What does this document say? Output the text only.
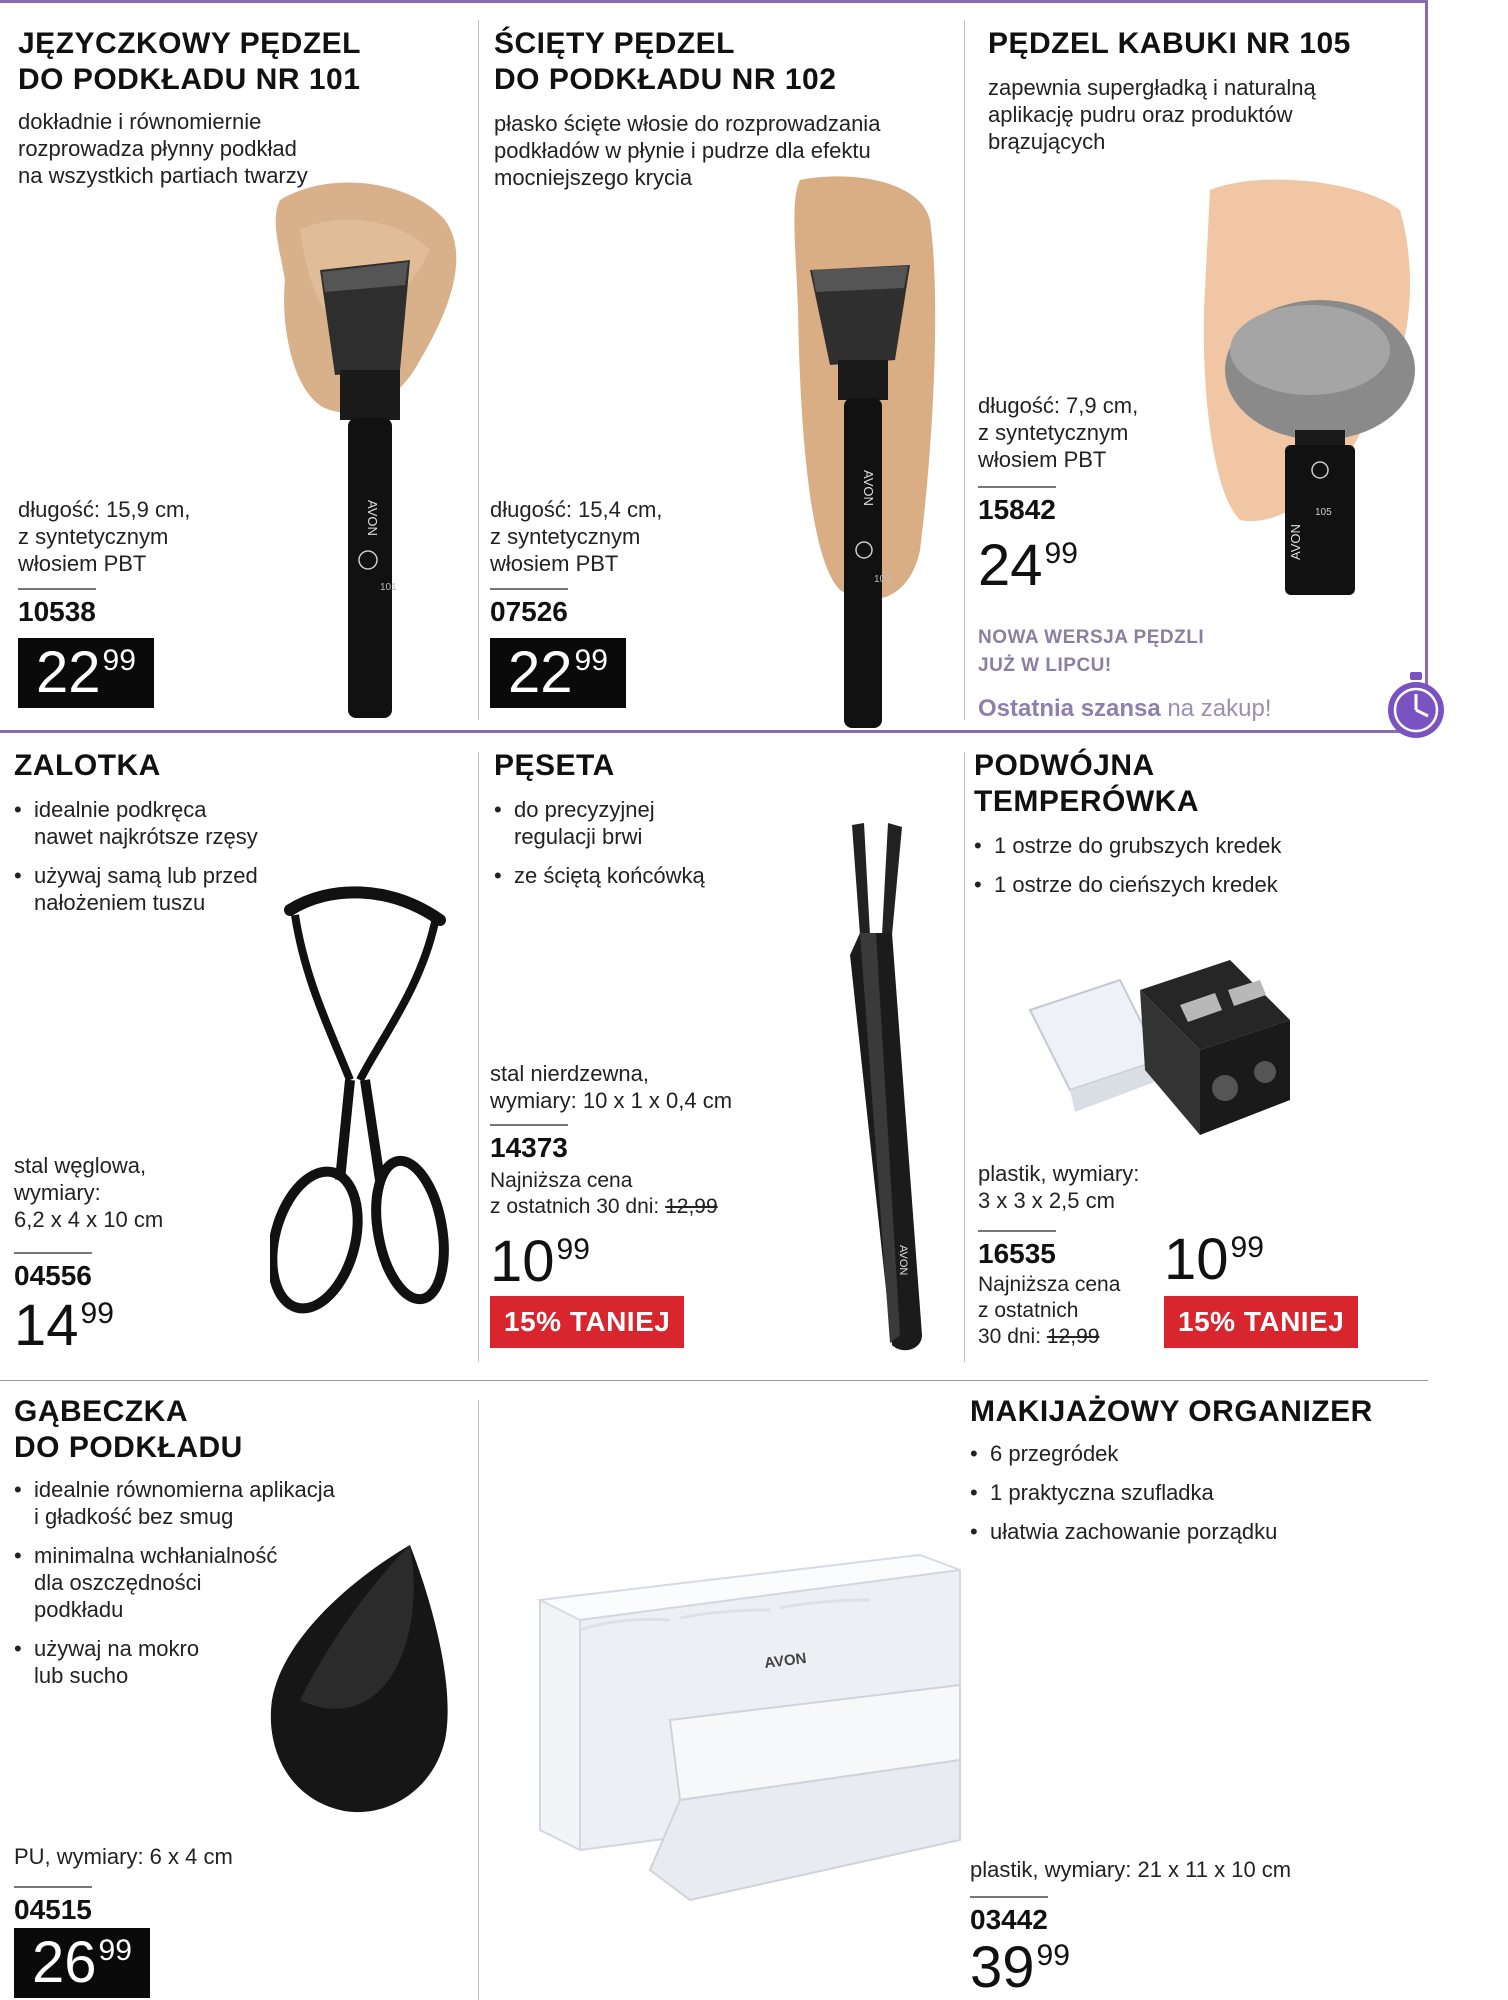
JĘZYCZKOWY PĘDZEL
DO PODKŁADU NR 101
dokładnie i równomiernie
rozprowadza płynny podkład
na wszystkich partiach twarzy
AVON
101
długość: 15,9 cm,
z syntetycznym
włosiem PBT
10538
$22^{99}$
ŚCIĘTY PĘDZEL
DO PODKŁADU NR 102
płasko ścięte włosie do rozprowadzania
podkładów w płynie i pudrze dla efektu
mocniejszego krycia
AVON
102
długość: 15,4 cm,
z syntetycznym
włosiem PBT
07526
$22^{99}$
PĘDZEL KABUKI NR 105
zapewnia supergładką i naturalną
aplikację pudru oraz produktów
brązujących
105
AVON
długość: 7,9 cm,
z syntetycznym
włosiem PBT
15842
$24^{99}$
NOWA WERSJA PĘDZLI
JUŻ W LIPCU!
Ostatnia szansa na zakup!
ZALOTKA
• idealnie podkręca
nawet najkrótsze rzęsy
• używaj samą lub przed
nałożeniem tuszu
stal węglowa,
wymiary:
6,2 x 4 x 10 cm
04556
$14^{99}$
PĘSETA
• do precyzyjnej
regulacji brwi
• ze ściętą końcówką
AVON
stal nierdzewna,
wymiary: 10 x 1 x 0,4 cm
14373
Najniższa cena
z ostatnich 30 dni: 12,99
$10^{99}$
15% TANIEJ
PODWÓJNA
TEMPERÓWKA
• 1 ostrze do grubszych kredek
• 1 ostrze do cieńszych kredek
plastik, wymiary:
3 x 3 x 2,5 cm
16535
Najniższa cena
z ostatnich
30 dni: 12,99
$10^{99}$
15% TANIEJ
GĄBECZKA
DO PODKŁADU
• idealnie równomierna aplikacja
i gładkość bez smug
• minimalna wchłanialność
dla oszczędności
podkładu
• używaj na mokro
lub sucho
PU, wymiary: 6 x 4 cm
04515
$26^{99}$
MAKIJAŻOWY ORGANIZER
• 6 przegródek
• 1 praktyczna szufladka
• ułatwia zachowanie porządku
AVON
plastik, wymiary: 21 x 11 x 10 cm
03442
$39^{99}$
